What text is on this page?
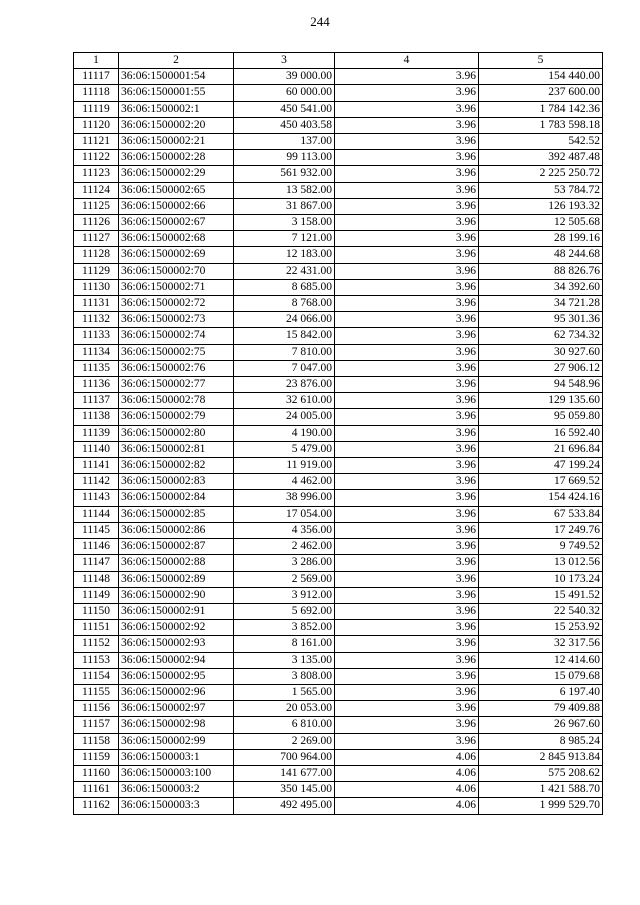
244
1	2	3	4	5
11117	36:06:1500001:54	39 000.00	3.96	154 440.00
11118	36:06:1500001:55	60 000.00	3.96	237 600.00
11119	36:06:1500002:1	450 541.00	3.96	1 784 142.36
11120	36:06:1500002:20	450 403.58	3.96	1 783 598.18
11121	36:06:1500002:21	137.00	3.96	542.52
11122	36:06:1500002:28	99 113.00	3.96	392 487.48
11123	36:06:1500002:29	561 932.00	3.96	2 225 250.72
11124	36:06:1500002:65	13 582.00	3.96	53 784.72
11125	36:06:1500002:66	31 867.00	3.96	126 193.32
11126	36:06:1500002:67	3 158.00	3.96	12 505.68
11127	36:06:1500002:68	7 121.00	3.96	28 199.16
11128	36:06:1500002:69	12 183.00	3.96	48 244.68
11129	36:06:1500002:70	22 431.00	3.96	88 826.76
11130	36:06:1500002:71	8 685.00	3.96	34 392.60
11131	36:06:1500002:72	8 768.00	3.96	34 721.28
11132	36:06:1500002:73	24 066.00	3.96	95 301.36
11133	36:06:1500002:74	15 842.00	3.96	62 734.32
11134	36:06:1500002:75	7 810.00	3.96	30 927.60
11135	36:06:1500002:76	7 047.00	3.96	27 906.12
11136	36:06:1500002:77	23 876.00	3.96	94 548.96
11137	36:06:1500002:78	32 610.00	3.96	129 135.60
11138	36:06:1500002:79	24 005.00	3.96	95 059.80
11139	36:06:1500002:80	4 190.00	3.96	16 592.40
11140	36:06:1500002:81	5 479.00	3.96	21 696.84
11141	36:06:1500002:82	11 919.00	3.96	47 199.24
11142	36:06:1500002:83	4 462.00	3.96	17 669.52
11143	36:06:1500002:84	38 996.00	3.96	154 424.16
11144	36:06:1500002:85	17 054.00	3.96	67 533.84
11145	36:06:1500002:86	4 356.00	3.96	17 249.76
11146	36:06:1500002:87	2 462.00	3.96	9 749.52
11147	36:06:1500002:88	3 286.00	3.96	13 012.56
11148	36:06:1500002:89	2 569.00	3.96	10 173.24
11149	36:06:1500002:90	3 912.00	3.96	15 491.52
11150	36:06:1500002:91	5 692.00	3.96	22 540.32
11151	36:06:1500002:92	3 852.00	3.96	15 253.92
11152	36:06:1500002:93	8 161.00	3.96	32 317.56
11153	36:06:1500002:94	3 135.00	3.96	12 414.60
11154	36:06:1500002:95	3 808.00	3.96	15 079.68
11155	36:06:1500002:96	1 565.00	3.96	6 197.40
11156	36:06:1500002:97	20 053.00	3.96	79 409.88
11157	36:06:1500002:98	6 810.00	3.96	26 967.60
11158	36:06:1500002:99	2 269.00	3.96	8 985.24
11159	36:06:1500003:1	700 964.00	4.06	2 845 913.84
11160	36:06:1500003:100	141 677.00	4.06	575 208.62
11161	36:06:1500003:2	350 145.00	4.06	1 421 588.70
11162	36:06:1500003:3	492 495.00	4.06	1 999 529.70
